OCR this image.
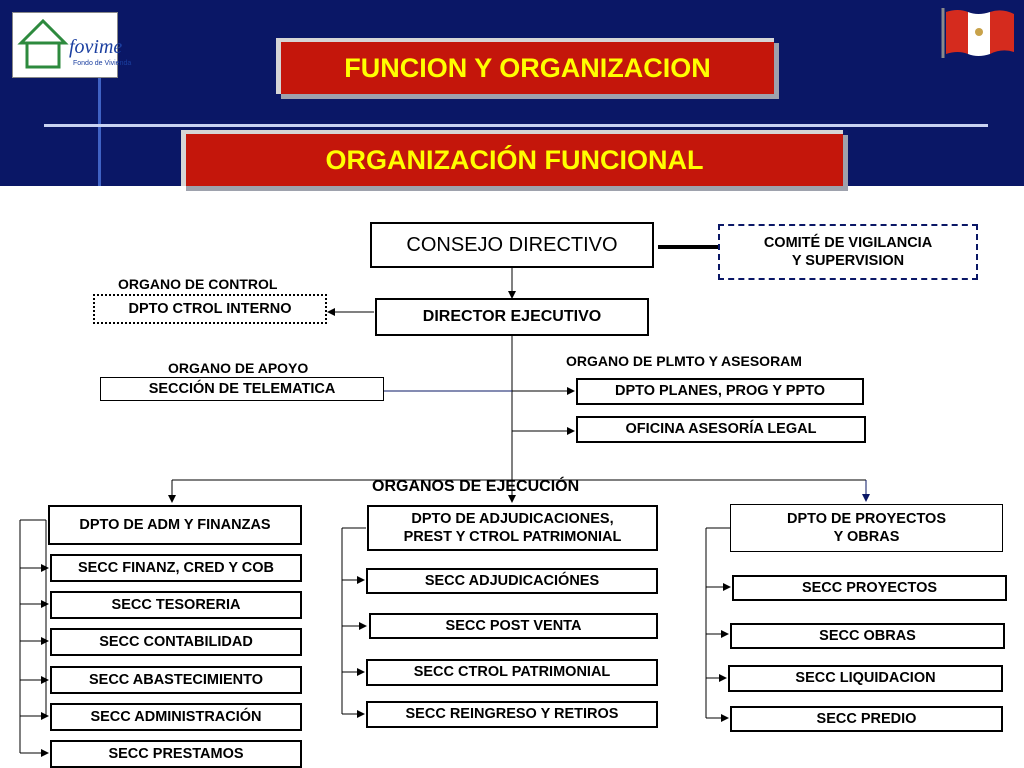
fovime
Fondo de Vivienda	FUNCION Y ORGANIZACION
ORGANIZACIÓN FUNCIONAL
CONSEJO DIRECTIVO	COMITÉ DE VIGILANCIA
Y SUPERVISION
ORGANO DE CONTROL
DPTO CTROL INTERNO	DIRECTOR EJECUTIVO
ORGANO DE APOYO
SECCIÓN DE TELEMATICA
ORGANO DE PLMTO Y ASESORAM
DPTO PLANES, PROG Y PPTO
OFICINA ASESORÍA LEGAL
ORGANOS DE EJECUCIÓN
DPTO DE ADM Y FINANZAS
SECC FINANZ, CRED Y COB
SECC TESORERIA
SECC CONTABILIDAD
SECC ABASTECIMIENTO
SECC ADMINISTRACIÓN
SECC PRESTAMOS
DPTO DE ADJUDICACIONES,
PREST Y CTROL PATRIMONIAL
SECC ADJUDICACIÓNES
SECC POST VENTA
SECC CTROL PATRIMONIAL
SECC REINGRESO Y RETIROS
DPTO DE PROYECTOS
Y OBRAS
SECC PROYECTOS
SECC OBRAS
SECC LIQUIDACION
SECC PREDIO
